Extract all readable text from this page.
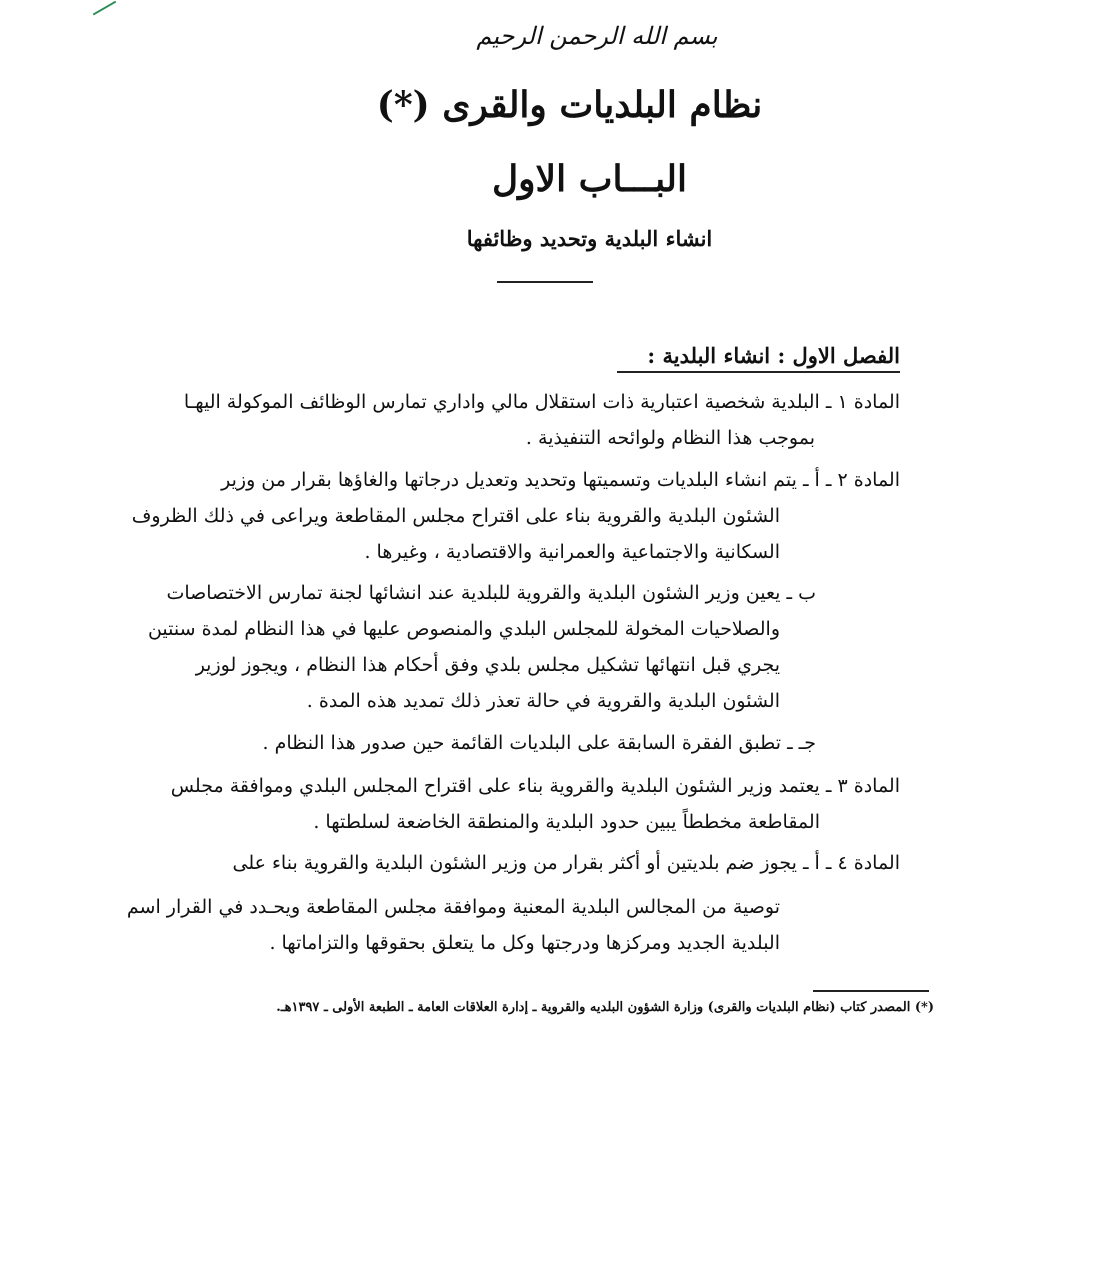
بسم الله الرحمن الرحيم
نظام البلديات والقرى (*)
البـــاب الاول
انشاء البلدية وتحديد وظائفها
الفصل الاول : انشاء البلدية :
المادة ١ ـ البلدية شخصية اعتبارية ذات استقلال مالي واداري تمارس الوظائف الموكولة اليهـا
بموجب هذا النظام ولوائحه التنفيذية .
المادة ٢ ـ أ ـ يتم انشاء البلديات وتسميتها وتحديد وتعديل درجاتها والغاؤها بقرار من وزير
الشئون البلدية والقروية بناء على اقتراح مجلس المقاطعة ويراعى في ذلك الظروف
السكانية والاجتماعية والعمرانية والاقتصادية ، وغيرها .
ب ـ يعين وزير الشئون البلدية والقروية للبلدية عند انشائها لجنة تمارس الاختصاصات
والصلاحيات المخولة للمجلس البلدي والمنصوص عليها في هذا النظام لمدة سنتين
يجري قبل انتهائها تشكيل مجلس بلدي وفق أحكام هذا النظام ، ويجوز لوزير
الشئون البلدية والقروية في حالة تعذر ذلك تمديد هذه المدة .
جـ ـ تطبق الفقرة السابقة على البلديات القائمة حين صدور هذا النظام .
المادة ٣ ـ يعتمد وزير الشئون البلدية والقروية بناء على اقتراح المجلس البلدي وموافقة مجلس
المقاطعة مخططاً يبين حدود البلدية والمنطقة الخاضعة لسلطتها .
المادة ٤ ـ أ ـ يجوز ضم بلديتين أو أكثر بقرار من وزير الشئون البلدية والقروية بناء على
توصية من المجالس البلدية المعنية وموافقة مجلس المقاطعة ويحـدد في القرار اسم
البلدية الجديد ومركزها ودرجتها وكل ما يتعلق بحقوقها والتزاماتها .
(*) المصدر كتاب (نظام البلديات والقرى) وزارة الشؤون البلديه والقروية ـ إدارة العلاقات العامة ـ الطبعة الأولى ـ ١٣٩٧هـ.
